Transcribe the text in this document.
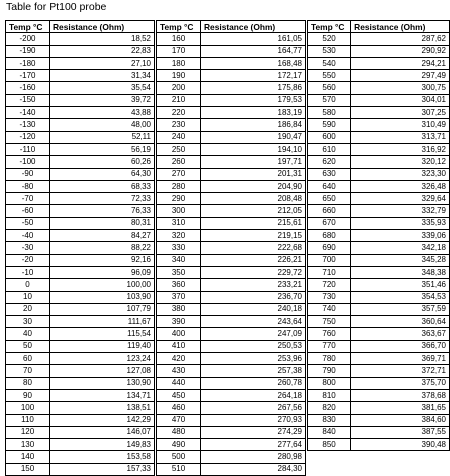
Table for Pt100 probe
Temp °C	Resistance (Ohm)
-200	18,52
-190	22,83
-180	27,10
-170	31,34
-160	35,54
-150	39,72
-140	43,88
-130	48,00
-120	52,11
-110	56,19
-100	60,26
-90	64,30
-80	68,33
-70	72,33
-60	76,33
-50	80,31
-40	84,27
-30	88,22
-20	92,16
-10	96,09
0	100,00
10	103,90
20	107,79
30	111,67
40	115,54
50	119,40
60	123,24
70	127,08
80	130,90
90	134,71
100	138,51
110	142,29
120	146,07
130	149,83
140	153,58
150	157,33
Temp °C	Resistance (Ohm)
160	161,05
170	164,77
180	168,48
190	172,17
200	175,86
210	179,53
220	183,19
230	186,84
240	190,47
250	194,10
260	197,71
270	201,31
280	204,90
290	208,48
300	212,05
310	215,61
320	219,15
330	222,68
340	226,21
350	229,72
360	233,21
370	236,70
380	240,18
390	243,64
400	247,09
410	250,53
420	253,96
430	257,38
440	260,78
450	264,18
460	267,56
470	270,93
480	274,29
490	277,64
500	280,98
510	284,30
Temp °C	Resistance (Ohm)
520	287,62
530	290,92
540	294,21
550	297,49
560	300,75
570	304,01
580	307,25
590	310,49
600	313,71
610	316,92
620	320,12
630	323,30
640	326,48
650	329,64
660	332,79
670	335,93
680	339,06
690	342,18
700	345,28
710	348,38
720	351,46
730	354,53
740	357,59
750	360,64
760	363,67
770	366,70
780	369,71
790	372,71
800	375,70
810	378,68
820	381,65
830	384,60
840	387,55
850	390,48
